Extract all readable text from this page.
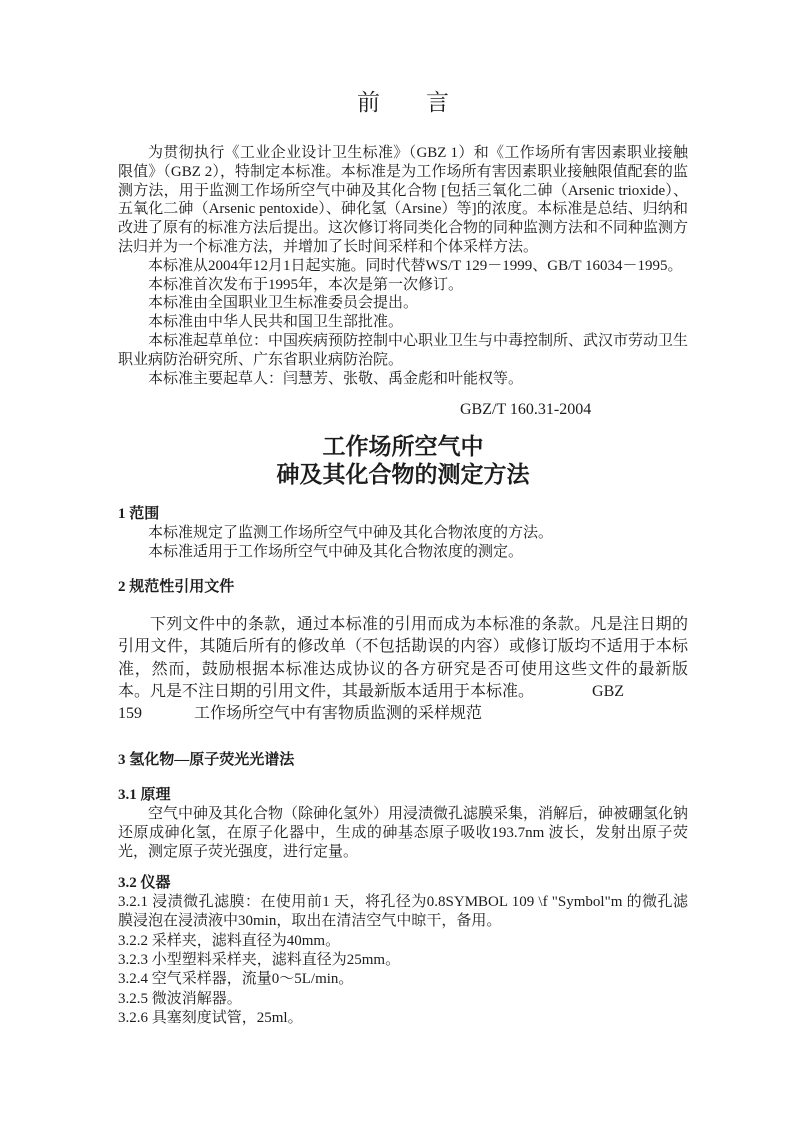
前　　言

为贯彻执行《工业企业设计卫生标准》（GBZ 1）和《工作场所有害因素职业接触限值》（GBZ 2），特制定本标准。本标准是为工作场所有害因素职业接触限值配套的监测方法，用于监测工作场所空气中砷及其化合物 [包括三氧化二砷（Arsenic trioxide）、五氧化二砷（Arsenic pentoxide）、砷化氢（Arsine）等]的浓度。本标准是总结、归纳和改进了原有的标准方法后提出。这次修订将同类化合物的同种监测方法和不同种监测方法归并为一个标准方法，并增加了长时间采样和个体采样方法。

本标准从2004年12月1日起实施。同时代替WS/T 129－1999、GB/T 16034－1995。

本标准首次发布于1995年，本次是第一次修订。

本标准由全国职业卫生标准委员会提出。

本标准由中华人民共和国卫生部批准。

本标准起草单位：中国疾病预防控制中心职业卫生与中毒控制所、武汉市劳动卫生职业病防治研究所、广东省职业病防治院。

本标准主要起草人：闫慧芳、张敬、禹金彪和叶能权等。

GBZ/T 160.31-2004
工作场所空气中
砷及其化合物的测定方法
1 范围

本标准规定了监测工作场所空气中砷及其化合物浓度的方法。

本标准适用于工作场所空气中砷及其化合物浓度的测定。

2 规范性引用文件

下列文件中的条款，通过本标准的引用而成为本标准的条款。凡是注日期的引用文件，其随后所有的修改单（不包括勘误的内容）或修订版均不适用于本标准，然而，鼓励根据本标准达成协议的各方研究是否可使用这些文件的最新版本。凡是不注日期的引用文件，其最新版本适用于本标准。	GBZ

159	工作场所空气中有害物质监测的采样规范

3 氢化物—原子荧光光谱法
3.1 原理

空气中砷及其化合物（除砷化氢外）用浸渍微孔滤膜采集，消解后，砷被硼氢化钠还原成砷化氢，在原子化器中，生成的砷基态原子吸收193.7nm 波长，发射出原子荧光，测定原子荧光强度，进行定量。

3.2 仪器

3.2.1 浸渍微孔滤膜：在使用前1 天，将孔径为0.8SYMBOL 109 \f "Symbol"m 的微孔滤膜浸泡在浸渍液中30min，取出在清洁空气中晾干，备用。

3.2.2 采样夹，滤料直径为40mm。

3.2.3 小型塑料采样夹，滤料直径为25mm。

3.2.4 空气采样器，流量0～5L/min。

3.2.5 微波消解器。

3.2.6 具塞刻度试管，25ml。
